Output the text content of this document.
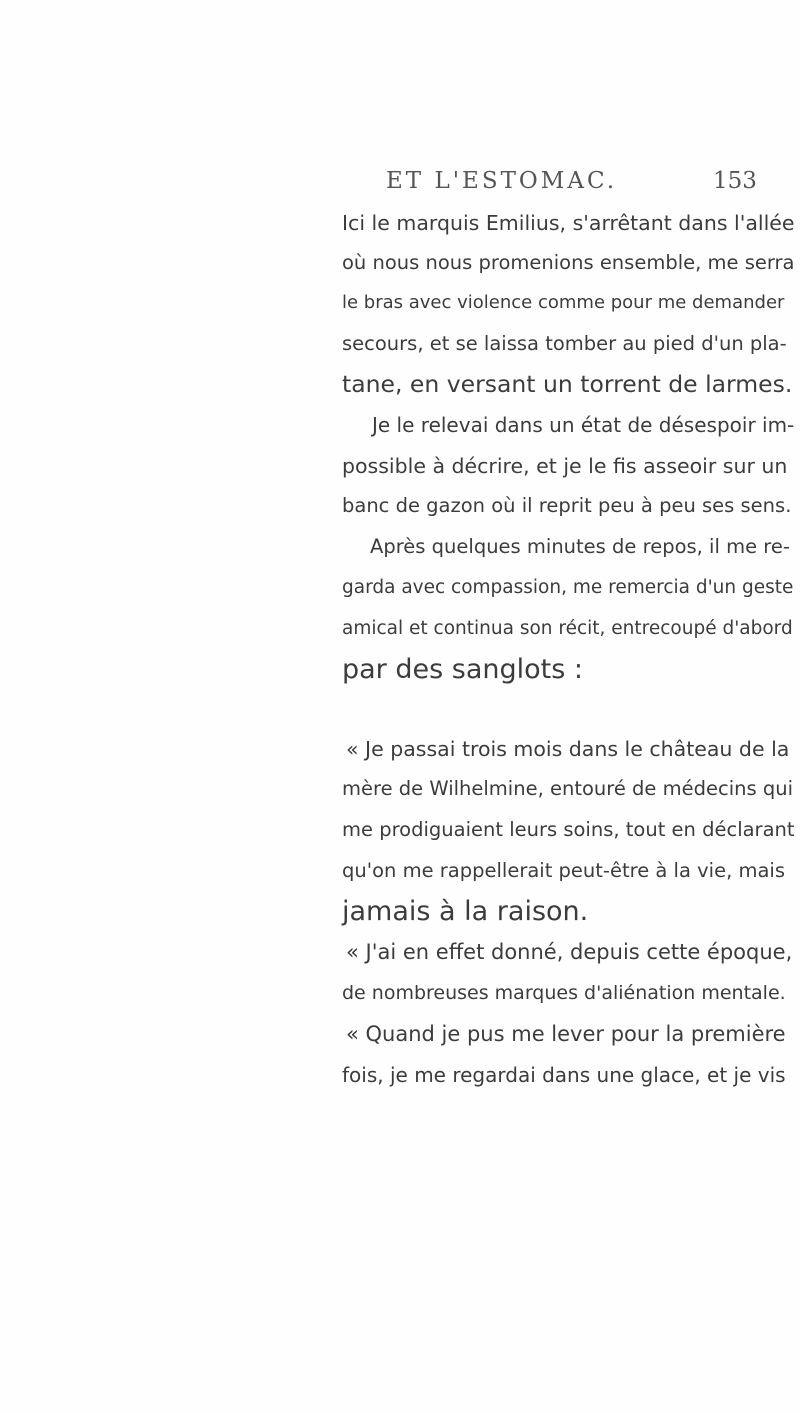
ET L'ESTOMAC.	153
Ici le marquis Emilius, s'arrêtant dans l'allée
où nous nous promenions ensemble, me serra
le bras avec violence comme pour me demander
secours, et se laissa tomber au pied d'un pla-
tane, en versant un torrent de larmes.
Je le relevai dans un état de désespoir im-
possible à décrire, et je le fis asseoir sur un
banc de gazon où il reprit peu à peu ses sens.
Après quelques minutes de repos, il me re-
garda avec compassion, me remercia d'un geste
amical et continua son récit, entrecoupé d'abord
par des sanglots :
« Je passai trois mois dans le château de la
mère de Wilhelmine, entouré de médecins qui
me prodiguaient leurs soins, tout en déclarant
qu'on me rappellerait peut-être à la vie, mais
jamais à la raison.
« J'ai en effet donné, depuis cette époque,
de nombreuses marques d'aliénation mentale.
« Quand je pus me lever pour la première
fois, je me regardai dans une glace, et je vis
